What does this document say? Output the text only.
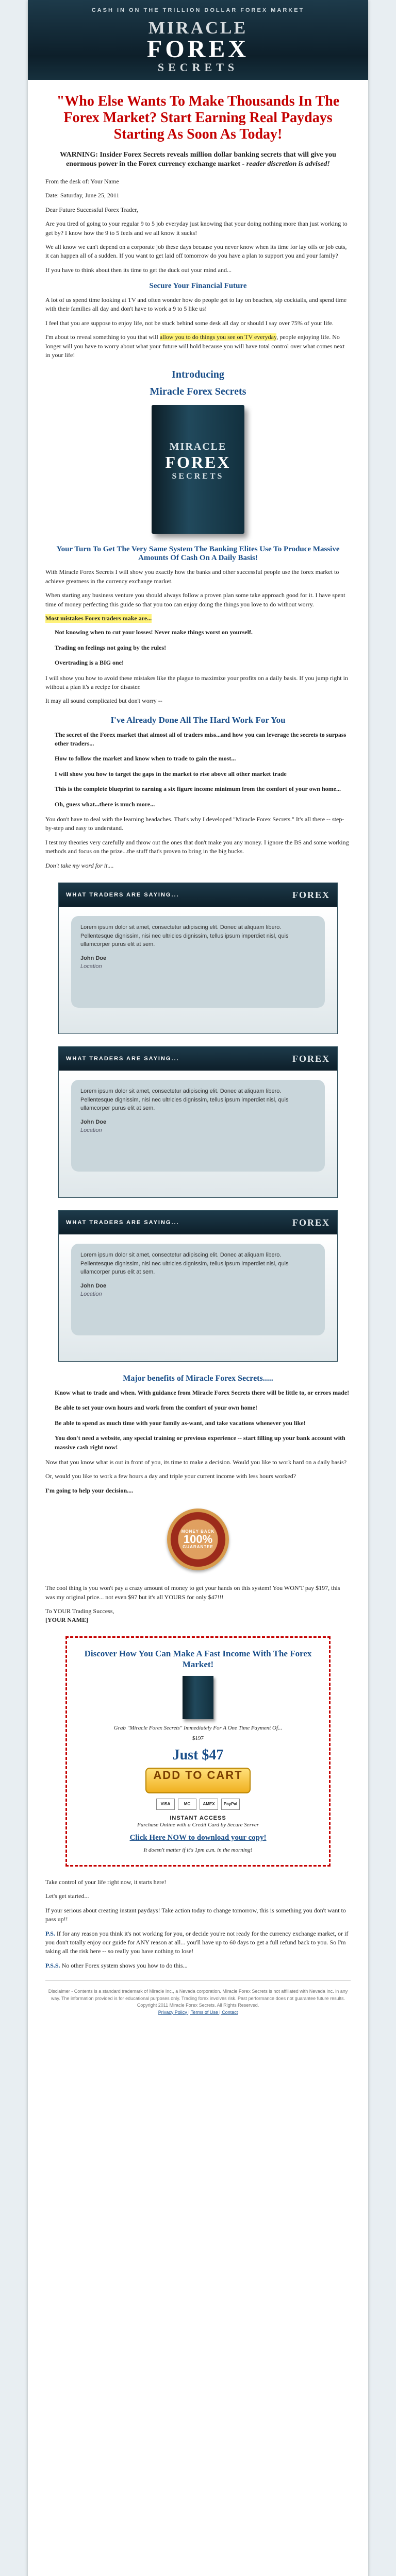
CASH IN ON THE TRILLION DOLLAR FOREX MARKET
MIRACLE
FOREX
SECRETS
"Who Else Wants To Make Thousands In The Forex Market? Start Earning Real Paydays Starting As Soon As Today!
WARNING: Insider Forex Secrets reveals million dollar banking secrets that will give you enormous power in the Forex currency exchange market - reader discretion is advised!

From the desk of: Your Name

Date: Saturday, June 25, 2011

Dear Future Successful Forex Trader,

Are you tired of going to your regular 9 to 5 job everyday just knowing that your doing nothing more than just working to get by? I know how the 9 to 5 feels and we all know it sucks!

We all know we can't depend on a corporate job these days because you never know when its time for lay offs or job cuts, it can happen all of a sudden. If you want to get laid off tomorrow do you have a plan to support you and your family?

If you have to think about then its time to get the duck out your mind and...

Secure Your Financial Future

A lot of us spend time looking at TV and often wonder how do people get to lay on beaches, sip cocktails, and spend time with their families all day and don't have to work a 9 to 5 like us!

I feel that you are suppose to enjoy life, not be stuck behind some desk all day or should I say over 75% of your life.

I'm about to reveal something to you that will allow you to do things you see on TV everyday, people enjoying life. No longer will you have to worry about what your future will hold because you will have total control over what comes next in your life!

Introducing
Miracle Forex Secrets
MIRACLE
FOREX
SECRETS
Your Turn To Get The Very Same System The Banking Elites Use To Produce Massive Amounts Of Cash On A Daily Basis!

With Miracle Forex Secrets I will show you exactly how the banks and other successful people use the forex market to achieve greatness in the currency exchange market.

When starting any business venture you should always follow a proven plan some take approach good for it. I have spent time of money perfecting this guide so that you too can enjoy doing the things you love to do without worry.

Most mistakes Forex traders make are...

Not knowing when to cut your losses! Never make things worst on yourself.
Trading on feelings not going by the rules!
Overtrading is a BIG one!

I will show you how to avoid these mistakes like the plague to maximize your profits on a daily basis. If you jump right in without a plan it's a recipe for disaster.

It may all sound complicated but don't worry --

I've Already Done All The Hard Work For You
The secret of the Forex market that almost all of traders miss...and how you can leverage the secrets to surpass other traders...
How to follow the market and know when to trade to gain the most...
I will show you how to target the gaps in the market to rise above all other market trade
This is the complete blueprint to earning a six figure income minimum from the comfort of your own home...
Oh, guess what...there is much more...

You don't have to deal with the learning headaches. That's why I developed "Miracle Forex Secrets." It's all there -- step-by-step and easy to understand.

I test my theories very carefully and throw out the ones that don't make you any money. I ignore the BS and some working methods and focus on the prize...the stuff that's proven to bring in the big bucks.

Don't take my word for it....

WHAT TRADERS ARE SAYING...	FOREX
Lorem ipsum dolor sit amet, consectetur adipiscing elit. Donec at aliquam libero. Pellentesque dignissim, nisi nec ultricies dignissim, tellus ipsum imperdiet nisl, quis ullamcorper purus elit at sem.
John Doe
Location
WHAT TRADERS ARE SAYING...	FOREX
Lorem ipsum dolor sit amet, consectetur adipiscing elit. Donec at aliquam libero. Pellentesque dignissim, nisi nec ultricies dignissim, tellus ipsum imperdiet nisl, quis ullamcorper purus elit at sem.
John Doe
Location
WHAT TRADERS ARE SAYING...	FOREX
Lorem ipsum dolor sit amet, consectetur adipiscing elit. Donec at aliquam libero. Pellentesque dignissim, nisi nec ultricies dignissim, tellus ipsum imperdiet nisl, quis ullamcorper purus elit at sem.
John Doe
Location
Major benefits of Miracle Forex Secrets.....
Know what to trade and when. With guidance from Miracle Forex Secrets there will be little to, or errors made!
Be able to set your own hours and work from the comfort of your own home!
Be able to spend as much time with your family as-want, and take vacations whenever you like!
You don't need a website, any special training or previous experience -- start filling up your bank account with massive cash right now!

Now that you know what is out in front of you, its time to make a decision. Would you like to work hard on a daily basis?

Or, would you like to work a few hours a day and triple your current income with less hours worked?

I'm going to help your decision....

MONEY BACK
100%
GUARANTEE

The cool thing is you won't pay a crazy amount of money to get your hands on this system! You WON'T pay $197, this was my original price... not even $97 but it's all YOURS for only $47!!!

To YOUR Trading Success,

[YOUR NAME]

Discover How You Can Make A Fast Income With The Forex Market!
Grab "Miracle Forex Secrets" Immediately For A One Time Payment Of...
$197
Just $47
ADD TO CART
VISA	MC	AMEX	PayPal
INSTANT ACCESS
Purchase Online with a Credit Card by Secure Server
Click Here NOW to download your copy!
It doesn't matter if it's 1pm a.m. in the morning!

Take control of your life right now, it starts here!

Let's get started...

If your serious about creating instant paydays! Take action today to change tomorrow, this is something you don't want to pass up!!

P.S. If for any reason you think it's not working for you, or decide you're not ready for the currency exchange market, or if you don't totally enjoy our guide for ANY reason at all... you'll have up to 60 days to get a full refund back to you. So I'm taking all the risk here -- so really you have nothing to lose!

P.S.S. No other Forex system shows you how to do this...

Disclaimer - Contents is a standard trademark of Miracle Inc., a Nevada corporation. Miracle Forex Secrets is not affiliated with Nevada Inc. in any way. The information provided is for educational purposes only. Trading forex involves risk. Past performance does not guarantee future results.
Copyright 2011 Miracle Forex Secrets. All Rights Reserved.
Privacy Policy | Terms of Use | Contact
